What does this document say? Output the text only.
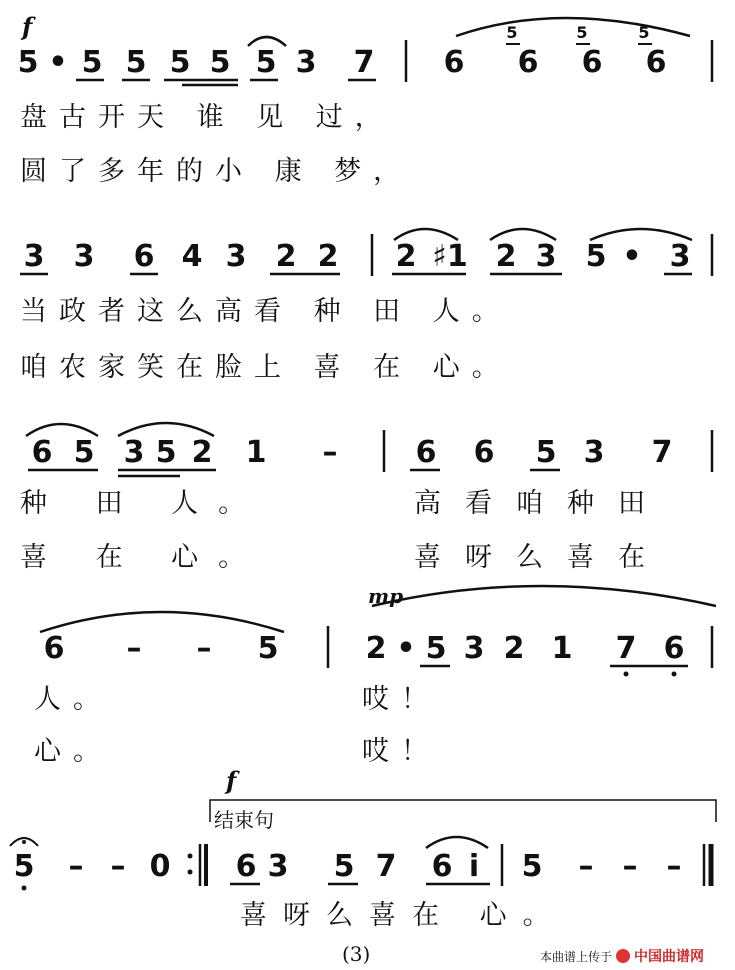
f
mp
f
5 • 5 5 5 5 5 3 7 6 6 6 6
5	5	5
盘古开天 谁 见 过，
圆了多年的小 康 梦，
3 3 6 4 3 2 2 2 ♯1 2 3 5 • 3
当政者这么高看 种 田 人。
咱农家笑在脸上 喜 在 心。
6 5 3 5 2 1 –	6 6 5 3 7
种 田 人。	高看咱种田
喜 在 心。	喜呀么喜在
6 – – 5	2 • 5 3 2 1 7 6
人。	哎！
心。	哎！
结束句
5 – – 0 6 3 5 7 6 i 5 – – –
喜呀么喜在 心。
(3)	本曲谱上传于 中国曲谱网
